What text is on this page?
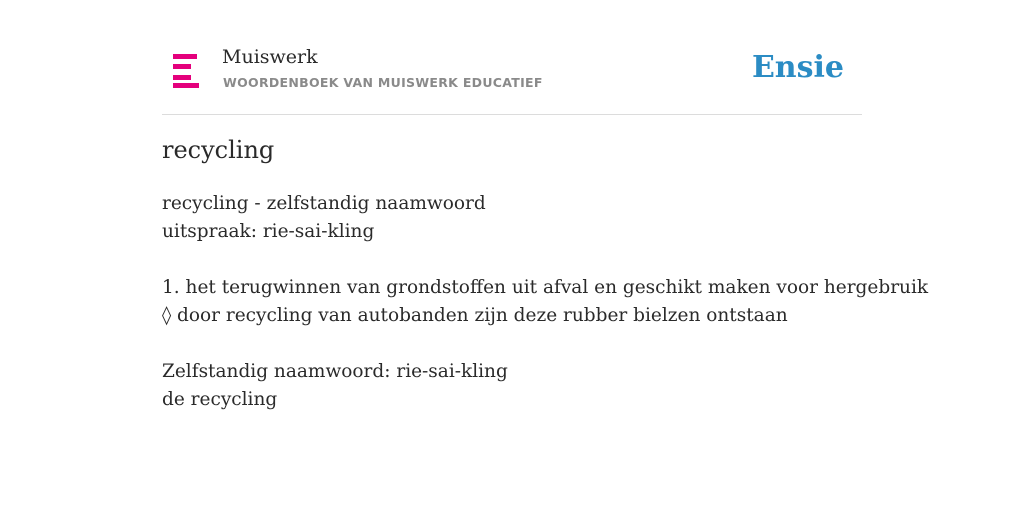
Muiswerk
WOORDENBOEK VAN MUISWERK EDUCATIEF	Ensie
recycling
recycling - zelfstandig naamwoord
uitspraak: rie-sai-kling
1. het terugwinnen van grondstoffen uit afval en geschikt maken voor hergebruik
◊ door recycling van autobanden zijn deze rubber bielzen ontstaan
Zelfstandig naamwoord: rie-sai-kling
de recycling
